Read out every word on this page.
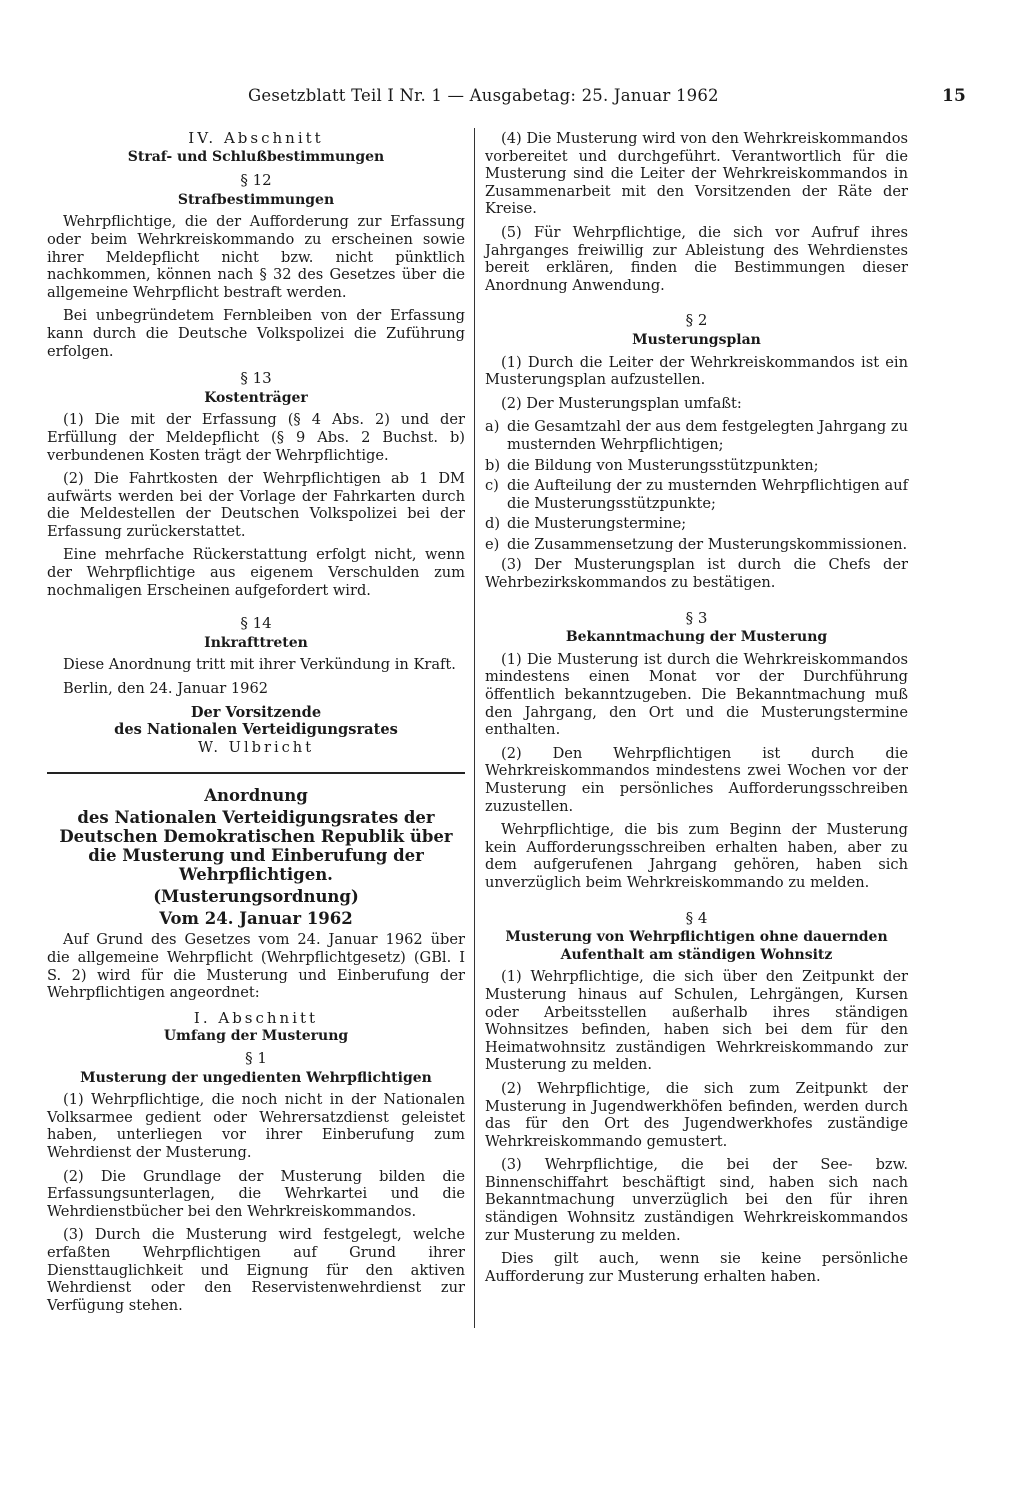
Gesetzblatt Teil I Nr. 1 — Ausgabetag: 25. Januar 1962	15
IV. Abschnitt
Straf- und Schlußbestimmungen
§ 12
Strafbestimmungen

Wehrpflichtige, die der Aufforderung zur Erfassung oder beim Wehrkreiskommando zu erscheinen sowie ihrer Meldepflicht nicht bzw. nicht pünktlich nachkommen, können nach § 32 des Gesetzes über die allgemeine Wehrpflicht bestraft werden.

Bei unbegründetem Fernbleiben von der Erfassung kann durch die Deutsche Volkspolizei die Zuführung erfolgen.

§ 13
Kostenträger

(1) Die mit der Erfassung (§ 4 Abs. 2) und der Erfüllung der Meldepflicht (§ 9 Abs. 2 Buchst. b) verbundenen Kosten trägt der Wehrpflichtige.

(2) Die Fahrtkosten der Wehrpflichtigen ab 1 DM aufwärts werden bei der Vorlage der Fahrkarten durch die Meldestellen der Deutschen Volkspolizei bei der Erfassung zurückerstattet.

Eine mehrfache Rückerstattung erfolgt nicht, wenn der Wehrpflichtige aus eigenem Verschulden zum nochmaligen Erscheinen aufgefordert wird.

§ 14
Inkrafttreten

Diese Anordnung tritt mit ihrer Verkündung in Kraft.

Berlin, den 24. Januar 1962

Der Vorsitzende
des Nationalen Verteidigungsrates
W. Ulbricht
Anordnung
des Nationalen Verteidigungsrates der Deutschen Demokratischen Republik über die Musterung und Einberufung der Wehrpflichtigen.
(Musterungsordnung)
Vom 24. Januar 1962

Auf Grund des Gesetzes vom 24. Januar 1962 über die allgemeine Wehrpflicht (Wehrpflichtgesetz) (GBl. I S. 2) wird für die Musterung und Einberufung der Wehrpflichtigen angeordnet:

I. Abschnitt
Umfang der Musterung
§ 1
Musterung der ungedienten Wehrpflichtigen

(1) Wehrpflichtige, die noch nicht in der Nationalen Volksarmee gedient oder Wehrersatzdienst geleistet haben, unterliegen vor ihrer Einberufung zum Wehrdienst der Musterung.

(2) Die Grundlage der Musterung bilden die Erfassungsunterlagen, die Wehrkartei und die Wehrdienstbücher bei den Wehrkreiskommandos.

(3) Durch die Musterung wird festgelegt, welche erfaßten Wehrpflichtigen auf Grund ihrer Diensttauglichkeit und Eignung für den aktiven Wehrdienst oder den Reservistenwehrdienst zur Verfügung stehen.

(4) Die Musterung wird von den Wehrkreiskommandos vorbereitet und durchgeführt. Verantwortlich für die Musterung sind die Leiter der Wehrkreiskommandos in Zusammenarbeit mit den Vorsitzenden der Räte der Kreise.

(5) Für Wehrpflichtige, die sich vor Aufruf ihres Jahrganges freiwillig zur Ableistung des Wehrdienstes bereit erklären, finden die Bestimmungen dieser Anordnung Anwendung.

§ 2
Musterungsplan

(1) Durch die Leiter der Wehrkreiskommandos ist ein Musterungsplan aufzustellen.

(2) Der Musterungsplan umfaßt:

a) die Gesamtzahl der aus dem festgelegten Jahrgang zu musternden Wehrpflichtigen;
b) die Bildung von Musterungsstützpunkten;
c) die Aufteilung der zu musternden Wehrpflichtigen auf die Musterungsstützpunkte;
d) die Musterungstermine;
e) die Zusammensetzung der Musterungskommissionen.

(3) Der Musterungsplan ist durch die Chefs der Wehrbezirkskommandos zu bestätigen.

§ 3
Bekanntmachung der Musterung

(1) Die Musterung ist durch die Wehrkreiskommandos mindestens einen Monat vor der Durchführung öffentlich bekanntzugeben. Die Bekanntmachung muß den Jahrgang, den Ort und die Musterungstermine enthalten.

(2) Den Wehrpflichtigen ist durch die Wehrkreiskommandos mindestens zwei Wochen vor der Musterung ein persönliches Aufforderungsschreiben zuzustellen.

Wehrpflichtige, die bis zum Beginn der Musterung kein Aufforderungsschreiben erhalten haben, aber zu dem aufgerufenen Jahrgang gehören, haben sich unverzüglich beim Wehrkreiskommando zu melden.

§ 4
Musterung von Wehrpflichtigen ohne dauernden Aufenthalt am ständigen Wohnsitz

(1) Wehrpflichtige, die sich über den Zeitpunkt der Musterung hinaus auf Schulen, Lehrgängen, Kursen oder Arbeitsstellen außerhalb ihres ständigen Wohnsitzes befinden, haben sich bei dem für den Heimatwohnsitz zuständigen Wehrkreiskommando zur Musterung zu melden.

(2) Wehrpflichtige, die sich zum Zeitpunkt der Musterung in Jugendwerkhöfen befinden, werden durch das für den Ort des Jugendwerkhofes zuständige Wehrkreiskommando gemustert.

(3) Wehrpflichtige, die bei der See- bzw. Binnenschiffahrt beschäftigt sind, haben sich nach Bekanntmachung unverzüglich bei den für ihren ständigen Wohnsitz zuständigen Wehrkreiskommandos zur Musterung zu melden.

Dies gilt auch, wenn sie keine persönliche Aufforderung zur Musterung erhalten haben.
